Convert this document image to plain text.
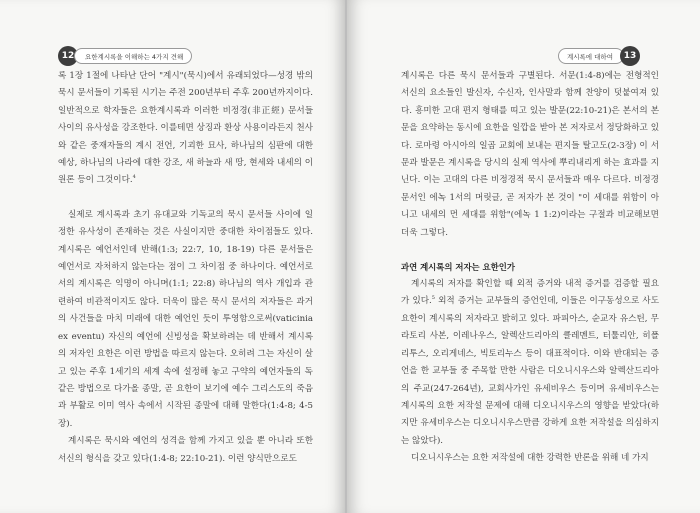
12	요한계시록을 이해하는 4가지 견해

록 1장 1절에 나타난 단어 "계시"(묵시)에서 유래되었다—성경 밖의 묵시 문서들이 기록된 시기는 주전 200년부터 주후 200년까지이다. 일반적으로 학자들은 요한계시록과 이러한 비정경(非正經) 문서들 사이의 유사성을 강조한다. 이를테면 상징과 환상 사용이라든지 천사와 같은 중재자들의 계시 전언, 기괴한 묘사, 하나님의 심판에 대한 예상, 하나님의 나라에 대한 강조, 새 하늘과 새 땅, 현세와 내세의 이원론 등이 그것이다.$^4$

실제로 계시록과 초기 유대교와 기독교의 묵시 문서들 사이에 일정한 유사성이 존재하는 것은 사실이지만 중대한 차이점들도 있다. 계시록은 예언서인데 반해(1:3; 22:7, 10, 18-19) 다른 문서들은 예언서로 자처하지 않는다는 점이 그 차이점 중 하나이다. 예언서로서의 계시록은 익명이 아니며(1:1; 22:8) 하나님의 역사 개입과 관련하여 비관적이지도 않다. 더욱이 많은 묵시 문서의 저자들은 과거의 사건들을 마치 미래에 대한 예언인 듯이 투영함으로써(vaticinia ex eventu) 자신의 예언에 신빙성을 확보하려는 데 반해서 계시록의 저자인 요한은 이런 방법을 따르지 않는다. 오히려 그는 자신이 살고 있는 주후 1세기의 세계 속에 설정해 놓고 구약의 예언자들의 독같은 방법으로 다가올 종말, 곧 요한이 보기에 예수 그리스도의 죽음과 부활로 이미 역사 속에서 시작된 종말에 대해 말한다(1:4-8; 4-5장).

계시록은 묵시와 예언의 성격을 함께 가지고 있을 뿐 아니라 또한 서신의 형식을 갖고 있다(1:4-8; 22:10-21). 이런 양식만으로도

계시록에 대하여	13

계시록은 다른 묵시 문서들과 구별된다. 서문(1:4-8)에는 전형적인 서신의 요소들인 발신자, 수신자, 인사말과 함께 찬양이 덧붙여져 있다. 흥미한 고대 편지 형태를 띠고 있는 발문(22:10-21)은 본서의 본문을 요약하는 동시에 요한을 일깝을 받아 본 저자로서 정당화하고 있다. 로마령 아시아의 일곱 교회에 보내는 편지들 탈고도(2-3장) 이 서문과 발문은 계시록을 당시의 실제 역사에 뿌리내리게 하는 효과를 지닌다. 이는 고대의 다른 비정경적 묵시 문서들과 매우 다르다. 비정경문서인 에녹 1서의 머릿글, 곧 저자가 본 것이 "이 세대를 위함이 아니고 내세의 먼 세대를 위함"(에녹 1 1:2)이라는 구절과 비교해보면 더욱 그렇다.

과연 계시록의 저자는 요한인가

계시록의 저자를 확인할 때 외적 증거와 내적 증거를 검증할 필요가 있다.$^5$ 외적 증거는 교부들의 증언인데, 이들은 이구동성으로 사도 요한이 계시록의 저자라고 밝히고 있다. 파피아스, 순교자 유스틴, 무라토리 사본, 이레나우스, 알렉산드리아의 클레멘트, 터툴리안, 히폴리투스, 오리게네스, 빅토리누스 등이 대표적이다. 이와 반대되는 증언을 한 교부들 중 주목할 만한 사람은 디오니시우스와 알렉산드리아의 주교(247-264년), 교회사가인 유세비우스 등이며 유세비우스는 계시록의 요한 저작설 문제에 대해 디오니시우스의 영향을 받았다(하지만 유세비우스는 디오니시우스만큼 강하게 요한 저작설을 의심하지는 않았다).

디오니시우스는 요한 저작설에 대한 강력한 반론을 위해 네 가지
